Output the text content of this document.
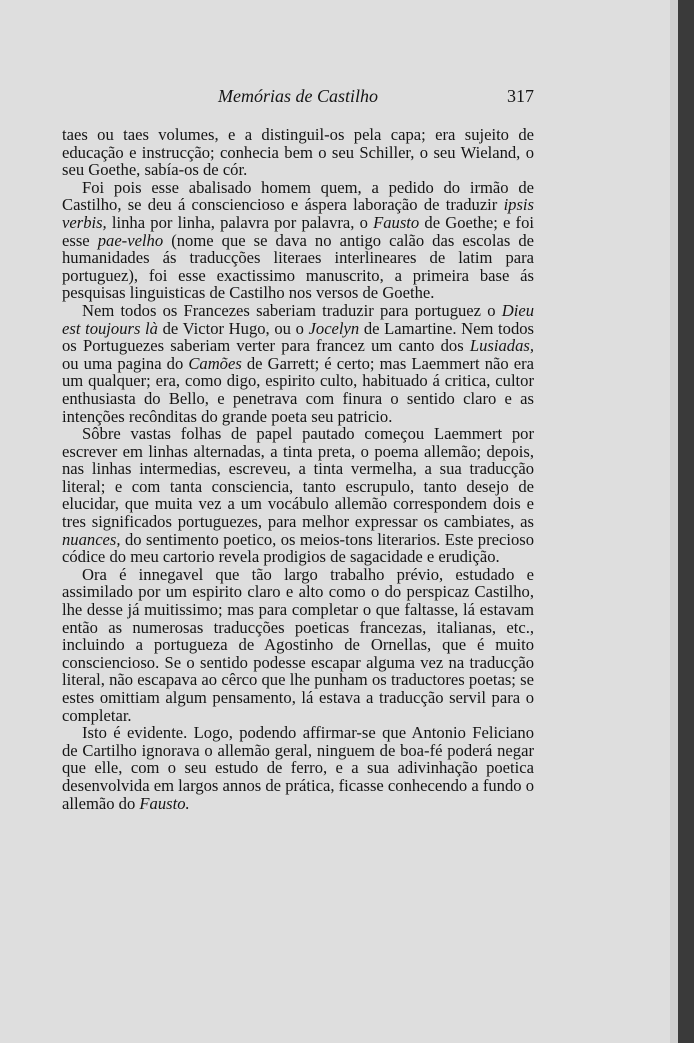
Memórias de Castilho	317

taes ou taes volumes, e a distinguil-os pela capa; era sujeito de educação e instrucção; conhecia bem o seu Schiller, o seu Wieland, o seu Goethe, sabía-os de cór.

Foi pois esse abalisado homem quem, a pedido do irmão de Castilho, se deu á consciencioso e áspera laboração de traduzir ipsis verbis, linha por linha, palavra por palavra, o Fausto de Goethe; e foi esse pae-velho (nome que se dava no antigo calão das escolas de humanidades ás traducções literaes interlineares de latim para portuguez), foi esse exactissimo manuscrito, a primeira base ás pesquisas linguisticas de Castilho nos versos de Goethe.

Nem todos os Francezes saberiam traduzir para portuguez o Dieu est toujours là de Victor Hugo, ou o Jocelyn de Lamartine. Nem todos os Portuguezes saberiam verter para francez um canto dos Lusiadas, ou uma pagina do Camões de Garrett; é certo; mas Laemmert não era um qualquer; era, como digo, espirito culto, habituado á critica, cultor enthusiasta do Bello, e penetrava com finura o sentido claro e as intenções recônditas do grande poeta seu patricio.

Sôbre vastas folhas de papel pautado começou Laemmert por escrever em linhas alternadas, a tinta preta, o poema allemão; depois, nas linhas intermedias, escreveu, a tinta vermelha, a sua traducção literal; e com tanta consciencia, tanto escrupulo, tanto desejo de elucidar, que muita vez a um vocábulo allemão correspondem dois e tres significados portuguezes, para melhor expressar os cambiates, as nuances, do sentimento poetico, os meios-tons literarios. Este precioso códice do meu cartorio revela prodigios de sagacidade e erudição.

Ora é innegavel que tão largo trabalho prévio, estudado e assimilado por um espirito claro e alto como o do perspicaz Castilho, lhe desse já muitissimo; mas para completar o que faltasse, lá estavam então as numerosas traducções poeticas francezas, italianas, etc., incluindo a portugueza de Agostinho de Ornellas, que é muito consciencioso. Se o sentido podesse escapar alguma vez na traducção literal, não escapava ao cêrco que lhe punham os traductores poetas; se estes omittiam algum pensamento, lá estava a traducção servil para o completar.

Isto é evidente. Logo, podendo affirmar-se que Antonio Feliciano de Cartilho ignorava o allemão geral, ninguem de boa-fé poderá negar que elle, com o seu estudo de ferro, e a sua adivinhação poetica desenvolvida em largos annos de prática, ficasse conhecendo a fundo o allemão do Fausto.
